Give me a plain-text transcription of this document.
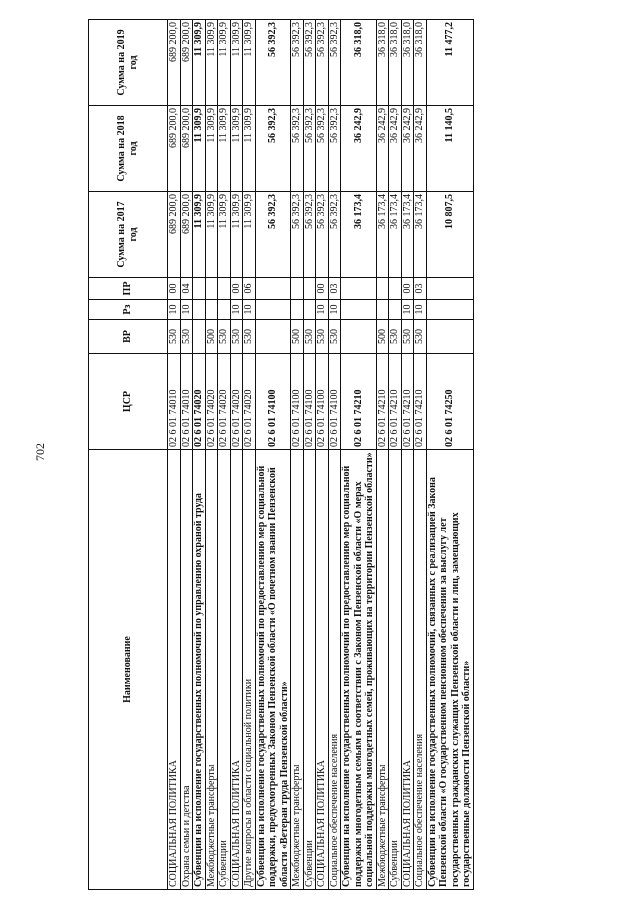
702
Наименование	ЦСР	ВР	Рз	ПР	Сумма на 2017 год	Сумма на 2018 год	Сумма на 2019 год
СОЦИАЛЬНАЯ ПОЛИТИКА	02 6 01 74010	530	10	00	689 200,0	689 200,0	689 200,0
Охрана семьи и детства	02 6 01 74010	530	10	04	689 200,0	689 200,0	689 200,0
Субвенции на исполнение государственных полномочий по управлению охраной труда	02 6 01 74020				11 309,9	11 309,9	11 309,9
Межбюджетные трансферты	02 6 01 74020	500			11 309,9	11 309,9	11 309,9
Субвенции	02 6 01 74020	530			11 309,9	11 309,9	11 309,9
СОЦИАЛЬНАЯ ПОЛИТИКА	02 6 01 74020	530	10	00	11 309,9	11 309,9	11 309,9
Другие вопросы в области социальной политики	02 6 01 74020	530	10	06	11 309,9	11 309,9	11 309,9
Субвенции на исполнение государственных полномочий по предоставлению мер социальной поддержки, предусмотренных Законом Пензенской области «О почетном звании Пензенской области «Ветеран труда Пензенской области»	02 6 01 74100				56 392,3	56 392,3	56 392,3
Межбюджетные трансферты	02 6 01 74100	500			56 392,3	56 392,3	56 392,3
Субвенции	02 6 01 74100	530			56 392,3	56 392,3	56 392,3
СОЦИАЛЬНАЯ ПОЛИТИКА	02 6 01 74100	530	10	00	56 392,3	56 392,3	56 392,3
Социальное обеспечение населения	02 6 01 74100	530	10	03	56 392,3	56 392,3	56 392,3
Субвенции на исполнение государственных полномочий по предоставлению мер социальной поддержки многодетным семьям в соответствии с Законом Пензенской области «О мерах социальной поддержки многодетных семей, проживающих на территории Пензенской области»	02 6 01 74210				36 173,4	36 242,9	36 318,0
Межбюджетные трансферты	02 6 01 74210	500			36 173,4	36 242,9	36 318,0
Субвенции	02 6 01 74210	530			36 173,4	36 242,9	36 318,0
СОЦИАЛЬНАЯ ПОЛИТИКА	02 6 01 74210	530	10	00	36 173,4	36 242,9	36 318,0
Социальное обеспечение населения	02 6 01 74210	530	10	03	36 173,4	36 242,9	36 318,0
Субвенции на исполнение государственных полномочий, связанных с реализацией Закона Пензенской области «О государственном пенсионном обеспечении за выслугу лет государственных гражданских служащих Пензенской области и лиц, замещающих государственные должности Пензенской области»	02 6 01 74250				10 807,5	11 140,5	11 477,2
